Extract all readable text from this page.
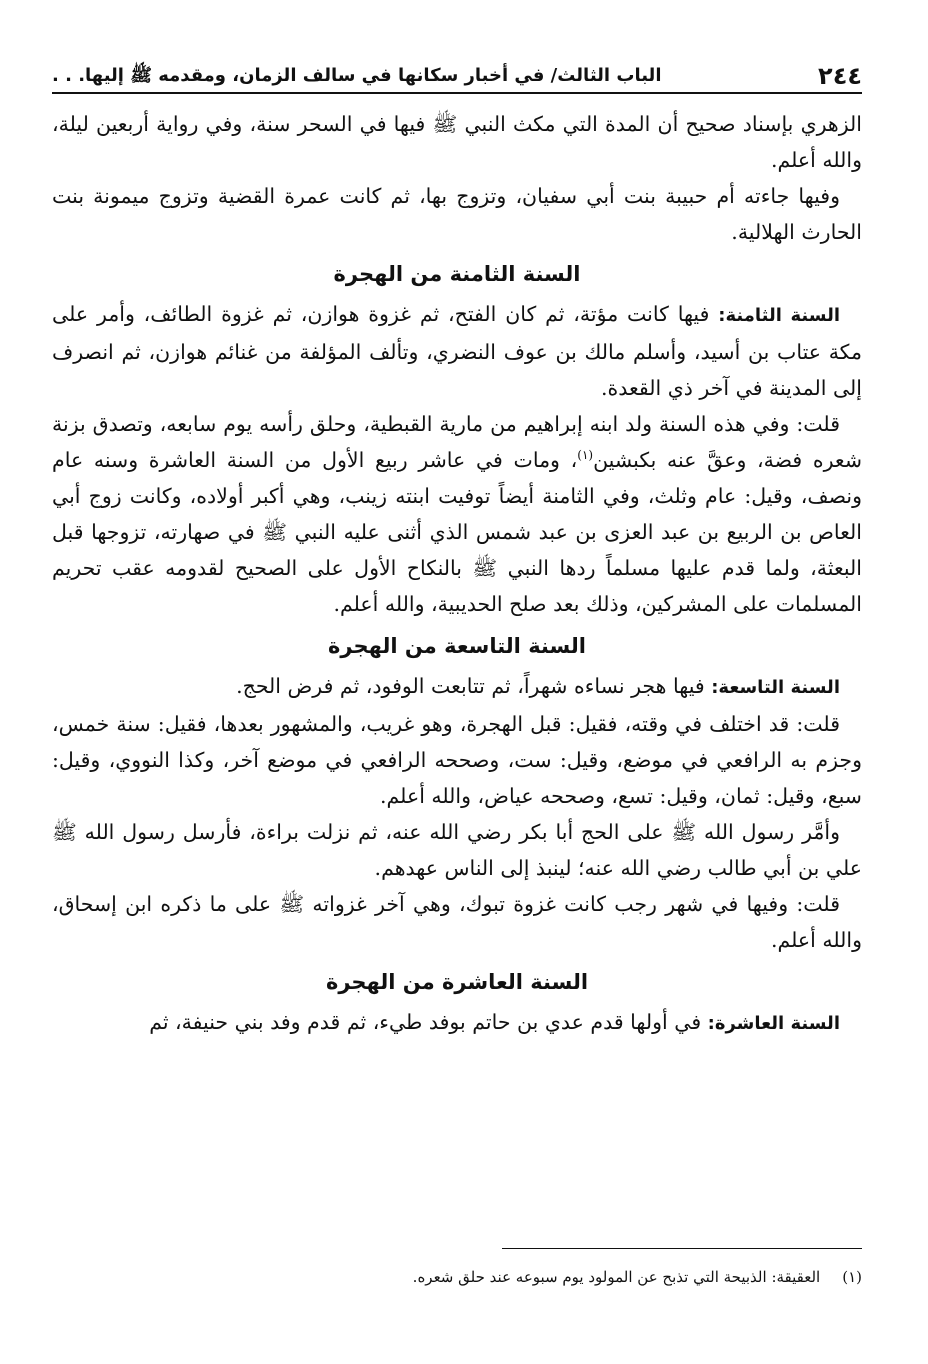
٢٤٤
الباب الثالث/ في أخبار سكانها في سالف الزمان، ومقدمه ﷺ إليها. . .

الزهري بإسناد صحيح أن المدة التي مكث النبي ﷺ فيها في السحر سنة، وفي رواية أربعين ليلة، والله أعلم.

وفيها جاءته أم حبيبة بنت أبي سفيان، وتزوج بها، ثم كانت عمرة القضية وتزوج ميمونة بنت الحارث الهلالية.

السنة الثامنة من الهجرة

السنة الثامنة: فيها كانت مؤتة، ثم كان الفتح، ثم غزوة هوازن، ثم غزوة الطائف، وأمر على مكة عتاب بن أسيد، وأسلم مالك بن عوف النضري، وتألف المؤلفة من غنائم هوازن، ثم انصرف إلى المدينة في آخر ذي القعدة.

قلت: وفي هذه السنة ولد ابنه إبراهيم من مارية القبطية، وحلق رأسه يوم سابعه، وتصدق بزنة شعره فضة، وعقَّ عنه بكبشين$^{(١)}$، ومات في عاشر ربيع الأول من السنة العاشرة وسنه عام ونصف، وقيل: عام وثلث، وفي الثامنة أيضاً توفيت ابنته زينب، وهي أكبر أولاده، وكانت زوج أبي العاص بن الربيع بن عبد العزى بن عبد شمس الذي أثنى عليه النبي ﷺ في صهارته، تزوجها قبل البعثة، ولما قدم عليها مسلماً ردها النبي ﷺ بالنكاح الأول على الصحيح لقدومه عقب تحريم المسلمات على المشركين، وذلك بعد صلح الحديبية، والله أعلم.

السنة التاسعة من الهجرة

السنة التاسعة: فيها هجر نساءه شهراً، ثم تتابعت الوفود، ثم فرض الحج.

قلت: قد اختلف في وقته، فقيل: قبل الهجرة، وهو غريب، والمشهور بعدها، فقيل: سنة خمس، وجزم به الرافعي في موضع، وقيل: ست، وصححه الرافعي في موضع آخر، وكذا النووي، وقيل: سبع، وقيل: ثمان، وقيل: تسع، وصححه عياض، والله أعلم.

وأمَّر رسول الله ﷺ على الحج أبا بكر رضي الله عنه، ثم نزلت براءة، فأرسل رسول الله ﷺ علي بن أبي طالب رضي الله عنه؛ لينبذ إلى الناس عهدهم.

قلت: وفيها في شهر رجب كانت غزوة تبوك، وهي آخر غزواته ﷺ على ما ذكره ابن إسحاق، والله أعلم.

السنة العاشرة من الهجرة

السنة العاشرة: في أولها قدم عدي بن حاتم بوفد طيء، ثم قدم وفد بني حنيفة، ثم

(١)العقيقة: الذبيحة التي تذبح عن المولود يوم سبوعه عند حلق شعره.
